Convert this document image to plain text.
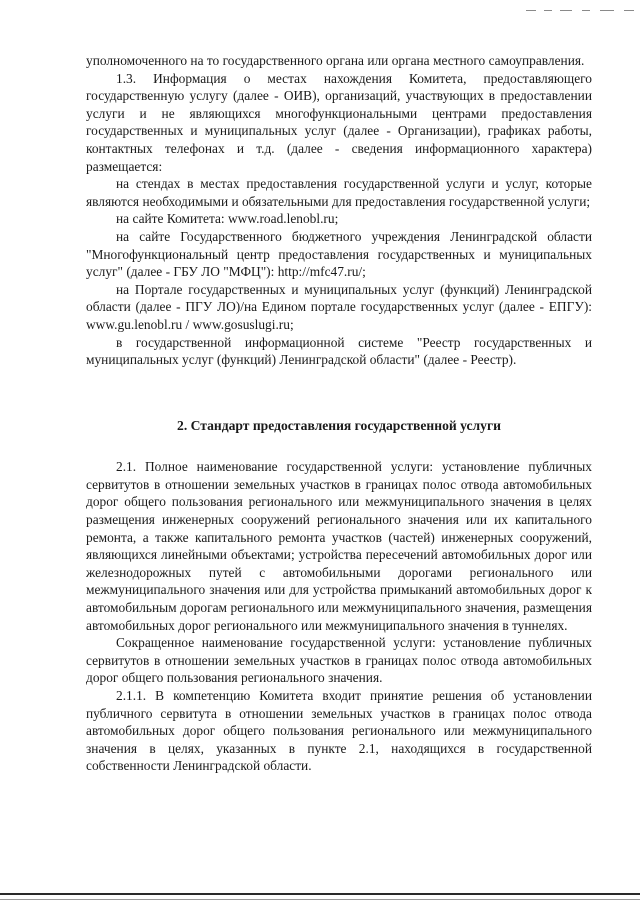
уполномоченного на то государственного органа или органа местного самоуправления.

1.3. Информация о местах нахождения Комитета, предоставляющего государственную услугу (далее - ОИВ), организаций, участвующих в предоставлении услуги и не являющихся многофункциональными центрами предоставления государственных и муниципальных услуг (далее - Организации), графиках работы, контактных телефонах и т.д. (далее - сведения информационного характера) размещается:

на стендах в местах предоставления государственной услуги и услуг, которые являются необходимыми и обязательными для предоставления государственной услуги;

на сайте Комитета: www.road.lenobl.ru;

на сайте Государственного бюджетного учреждения Ленинградской области "Многофункциональный центр предоставления государственных и муниципальных услуг" (далее - ГБУ ЛО "МФЦ"): http://mfc47.ru/;

на Портале государственных и муниципальных услуг (функций) Ленинградской области (далее - ПГУ ЛО)/на Едином портале государственных услуг (далее - ЕПГУ): www.gu.lenobl.ru / www.gosuslugi.ru;

в государственной информационной системе "Реестр государственных и муниципальных услуг (функций) Ленинградской области" (далее - Реестр).

2. Стандарт предоставления государственной услуги

2.1. Полное наименование государственной услуги: установление публичных сервитутов в отношении земельных участков в границах полос отвода автомобильных дорог общего пользования регионального или межмуниципального значения в целях размещения инженерных сооружений регионального значения или их капитального ремонта, а также капитального ремонта участков (частей) инженерных сооружений, являющихся линейными объектами; устройства пересечений автомобильных дорог или железнодорожных путей с автомобильными дорогами регионального или межмуниципального значения или для устройства примыканий автомобильных дорог к автомобильным дорогам регионального или межмуниципального значения, размещения автомобильных дорог регионального или межмуниципального значения в туннелях.

Сокращенное наименование государственной услуги: установление публичных сервитутов в отношении земельных участков в границах полос отвода автомобильных дорог общего пользования регионального значения.

2.1.1. В компетенцию Комитета входит принятие решения об установлении публичного сервитута в отношении земельных участков в границах полос отвода автомобильных дорог общего пользования регионального или межмуниципального значения в целях, указанных в пункте 2.1, находящихся в государственной собственности Ленинградской области.
